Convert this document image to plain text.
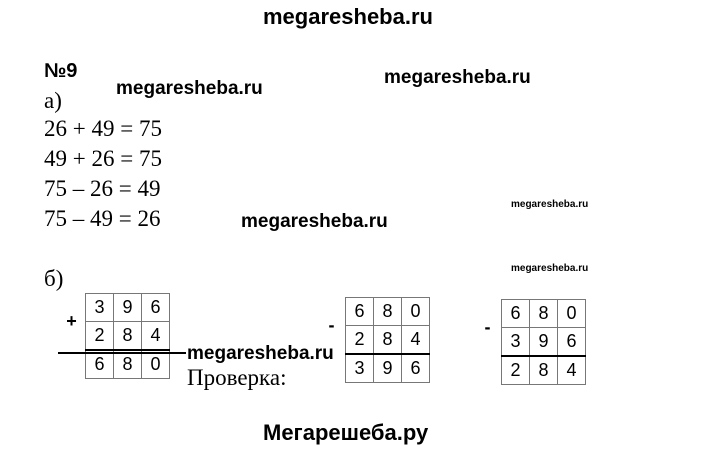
megaresheba.ru
megaresheba.ru
megaresheba.ru
megaresheba.ru
megaresheba.ru
megaresheba.ru
megaresheba.ru
Мегарешеба.ру
№9
а)
26 + 49 = 75
49 + 26 = 75
75 – 26 = 49
75 – 49 = 26
б)
+	3	9	6
	2	8	4
	6	8	0
Проверка:
-	6	8	0
	2	8	4
	3	9	6
-	6	8	0
	3	9	6
	2	8	4
